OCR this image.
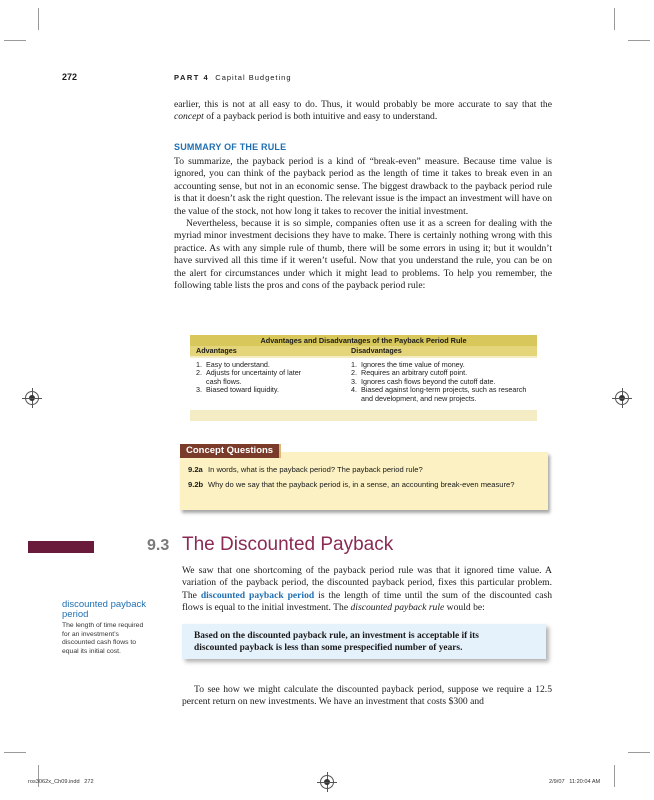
272	PART 4 Capital Budgeting

earlier, this is not at all easy to do. Thus, it would probably be more accurate to say that the concept of a payback period is both intuitive and easy to understand.

SUMMARY OF THE RULE

To summarize, the payback period is a kind of “break-even” measure. Because time value is ignored, you can think of the payback period as the length of time it takes to break even in an accounting sense, but not in an economic sense. The biggest drawback to the payback period rule is that it doesn’t ask the right question. The relevant issue is the impact an investment will have on the value of the stock, not how long it takes to recover the initial investment.

Nevertheless, because it is so simple, companies often use it as a screen for dealing with the myriad minor investment decisions they have to make. There is certainly nothing wrong with this practice. As with any simple rule of thumb, there will be some errors in using it; but it wouldn’t have survived all this time if it weren’t useful. Now that you understand the rule, you can be on the alert for circumstances under which it might lead to problems. To help you remember, the following table lists the pros and cons of the payback period rule:

Advantages and Disadvantages of the Payback Period Rule
Advantages	Disadvantages
1. Easy to understand.
2. Adjusts for uncertainty of later cash flows.
3. Biased toward liquidity.
1. Ignores the time value of money.
2. Requires an arbitrary cutoff point.
3. Ignores cash flows beyond the cutoff date.
4. Biased against long-term projects, such as research and development, and new projects.
9.2a In words, what is the payback period? The payback period rule?
9.2b Why do we say that the payback period is, in a sense, an accounting break-even measure?
Concept Questions
9.3 The Discounted Payback

We saw that one shortcoming of the payback period rule was that it ignored time value. A variation of the payback period, the discounted payback period, fixes this particular problem. The discounted payback period is the length of time until the sum of the discounted cash flows is equal to the initial investment. The discounted payback rule would be:

discounted payback period
The length of time required for an investment’s discounted cash flows to equal its initial cost.
Based on the discounted payback rule, an investment is acceptable if its discounted payback is less than some prespecified number of years.

To see how we might calculate the discounted payback period, suppose we require a 12.5 percent return on new investments. We have an investment that costs $300 and

ros3062x_Ch09.indd   272	2/9/07   11:20:04 AM
